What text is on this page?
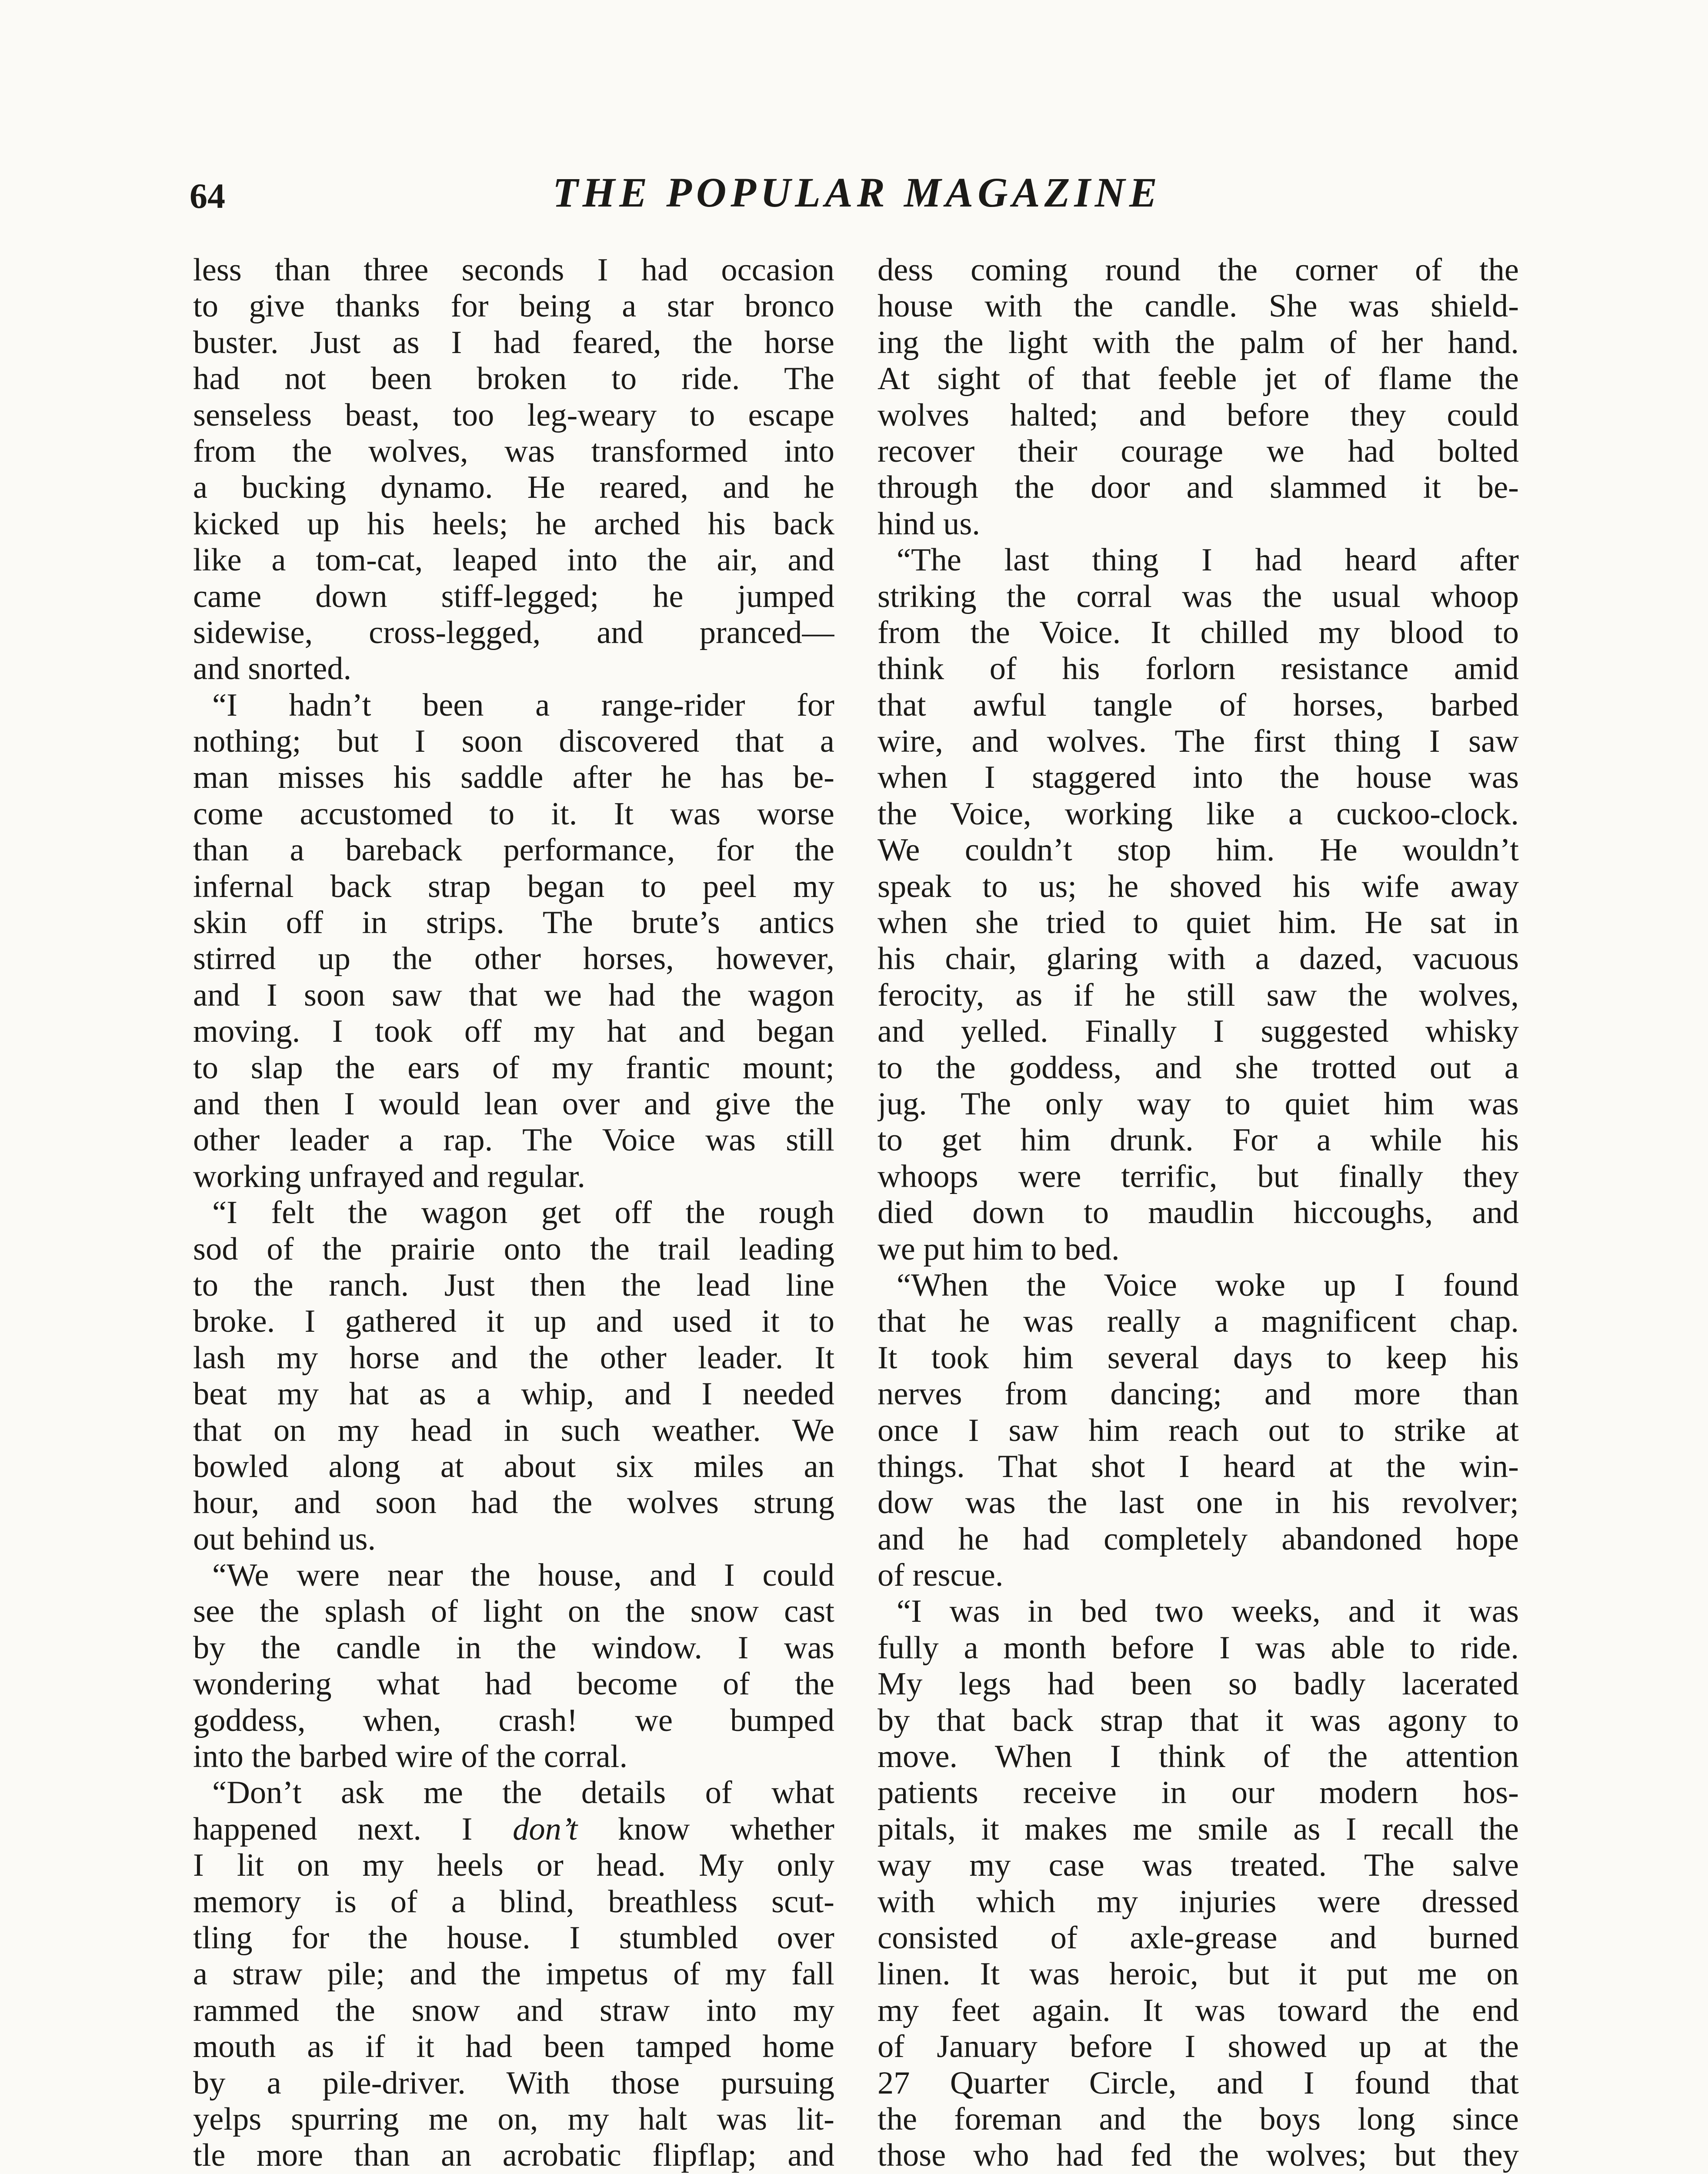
64	THE POPULAR MAGAZINE
less than three seconds I had occasion
to give thanks for being a star bronco
buster. Just as I had feared, the horse
had not been broken to ride. The
senseless beast, too leg-weary to escape
from the wolves, was transformed into
a bucking dynamo. He reared, and he
kicked up his heels; he arched his back
like a tom-cat, leaped into the air, and
came down stiff-legged; he jumped
sidewise, cross-legged, and pranced—
and snorted.
“I hadn’t been a range-rider for
nothing; but I soon discovered that a
man misses his saddle after he has be-
come accustomed to it. It was worse
than a bareback performance, for the
infernal back strap began to peel my
skin off in strips. The brute’s antics
stirred up the other horses, however,
and I soon saw that we had the wagon
moving. I took off my hat and began
to slap the ears of my frantic mount;
and then I would lean over and give the
other leader a rap. The Voice was still
working unfrayed and regular.
“I felt the wagon get off the rough
sod of the prairie onto the trail leading
to the ranch. Just then the lead line
broke. I gathered it up and used it to
lash my horse and the other leader. It
beat my hat as a whip, and I needed
that on my head in such weather. We
bowled along at about six miles an
hour, and soon had the wolves strung
out behind us.
“We were near the house, and I could
see the splash of light on the snow cast
by the candle in the window. I was
wondering what had become of the
goddess, when, crash! we bumped
into the barbed wire of the corral.
“Don’t ask me the details of what
happened next. I don’t know whether
I lit on my heels or head. My only
memory is of a blind, breathless scut-
tling for the house. I stumbled over
a straw pile; and the impetus of my fall
rammed the snow and straw into my
mouth as if it had been tamped home
by a pile-driver. With those pursuing
yelps spurring me on, my halt was lit-
tle more than an acrobatic flipflap; and
dess coming round the corner of the
house with the candle. She was shield-
ing the light with the palm of her hand.
At sight of that feeble jet of flame the
wolves halted; and before they could
recover their courage we had bolted
through the door and slammed it be-
hind us.
“The last thing I had heard after
striking the corral was the usual whoop
from the Voice. It chilled my blood to
think of his forlorn resistance amid
that awful tangle of horses, barbed
wire, and wolves. The first thing I saw
when I staggered into the house was
the Voice, working like a cuckoo-clock.
We couldn’t stop him. He wouldn’t
speak to us; he shoved his wife away
when she tried to quiet him. He sat in
his chair, glaring with a dazed, vacuous
ferocity, as if he still saw the wolves,
and yelled. Finally I suggested whisky
to the goddess, and she trotted out a
jug. The only way to quiet him was
to get him drunk. For a while his
whoops were terrific, but finally they
died down to maudlin hiccoughs, and
we put him to bed.
“When the Voice woke up I found
that he was really a magnificent chap.
It took him several days to keep his
nerves from dancing; and more than
once I saw him reach out to strike at
things. That shot I heard at the win-
dow was the last one in his revolver;
and he had completely abandoned hope
of rescue.
“I was in bed two weeks, and it was
fully a month before I was able to ride.
My legs had been so badly lacerated
by that back strap that it was agony to
move. When I think of the attention
patients receive in our modern hos-
pitals, it makes me smile as I recall the
way my case was treated. The salve
with which my injuries were dressed
consisted of axle-grease and burned
linen. It was heroic, but it put me on
my feet again. It was toward the end
of January before I showed up at the
27 Quarter Circle, and I found that
the foreman and the boys long since
those who had fed the wolves; but they
